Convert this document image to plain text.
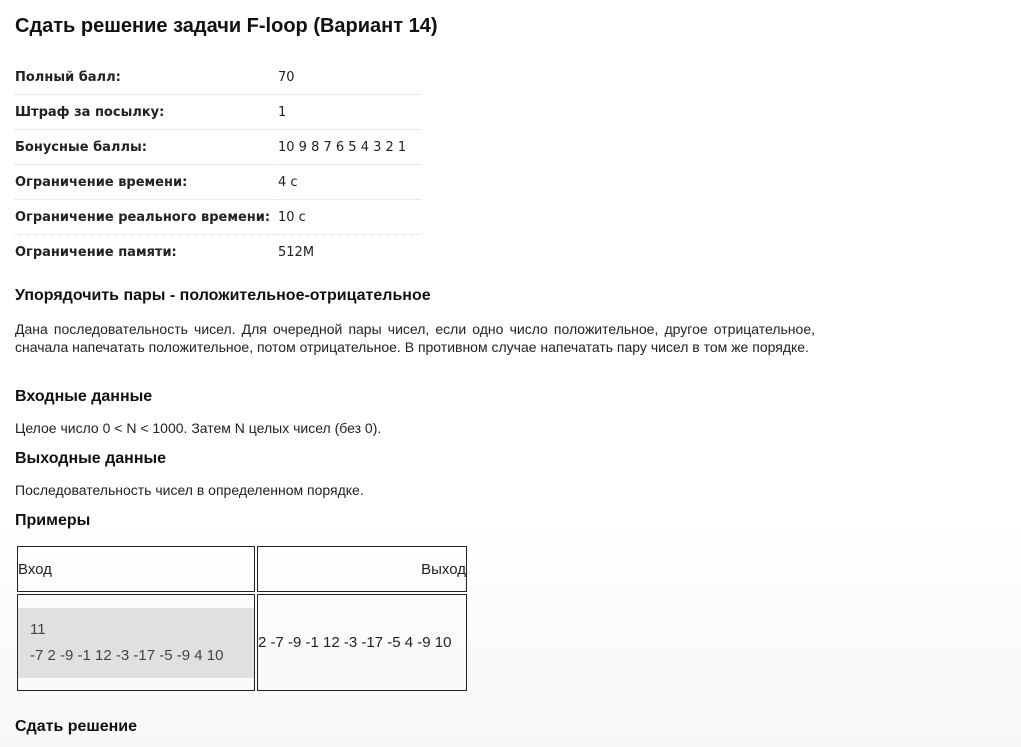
Сдать решение задачи F-loop (Вариант 14)
Полный балл:	70
Штраф за посылку:	1
Бонусные баллы:	10 9 8 7 6 5 4 3 2 1
Ограничение времени:	4 с
Ограничение реального времени:	10 с
Ограничение памяти:	512M
Упорядочить пары - положительное-отрицательное

Дана последовательность чисел. Для очередной пары чисел, если одно число положительное, другое отрицательное, сначала напечатать положительное, потом отрицательное. В противном случае напечатать пару чисел в том же порядке.

Входные данные

Целое число 0 < N < 1000. Затем N целых чисел (без 0).

Выходные данные

Последовательность чисел в определенном порядке.

Примеры
Вход	Выход

11
-7 2 -9 -1 12 -3 -17 -5 -9 4 10	2 -7 -9 -1 12 -3 -17 -5 4 -9 10
Сдать решение
